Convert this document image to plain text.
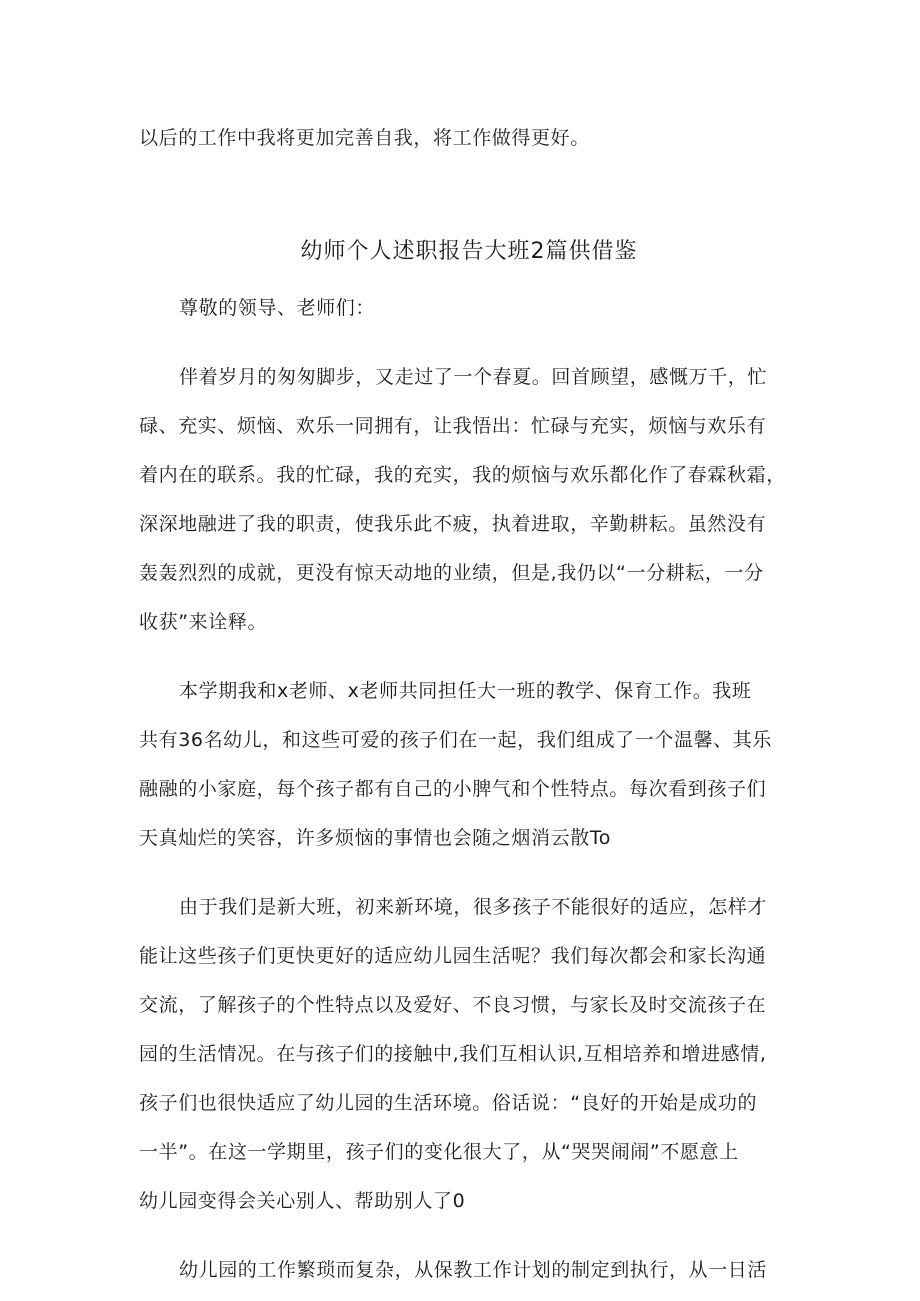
以后的工作中我将更加完善自我，将工作做得更好。

幼师个人述职报告大班2篇供借鉴

尊敬的领导、老师们：

伴着岁月的匆匆脚步，又走过了一个春夏。回首顾望，感慨万千，忙
碌、充实、烦恼、欢乐一同拥有，让我悟出：忙碌与充实，烦恼与欢乐有
着内在的联系。我的忙碌，我的充实，我的烦恼与欢乐都化作了春霖秋霜，
深深地融进了我的职责，使我乐此不疲，执着进取，辛勤耕耘。虽然没有
轰轰烈烈的成就，更没有惊天动地的业绩，但是,我仍以“一分耕耘，一分
收获”来诠释。

本学期我和x老师、x老师共同担任大一班的教学、保育工作。我班
共有36名幼儿，和这些可爱的孩子们在一起，我们组成了一个温馨、其乐
融融的小家庭，每个孩子都有自己的小脾气和个性特点。每次看到孩子们
天真灿烂的笑容，许多烦恼的事情也会随之烟消云散To

由于我们是新大班，初来新环境，很多孩子不能很好的适应，怎样才
能让这些孩子们更快更好的适应幼儿园生活呢？我们每次都会和家长沟通
交流，了解孩子的个性特点以及爱好、不良习惯，与家长及时交流孩子在
园的生活情况。在与孩子们的接触中,我们互相认识,互相培养和增进感情,
孩子们也很快适应了幼儿园的生活环境。俗话说：“良好的开始是成功的
一半”。在这一学期里，孩子们的变化很大了，从“哭哭闹闹”不愿意上
幼儿园变得会关心别人、帮助别人了0

幼儿园的工作繁琐而复杂，从保教工作计划的制定到执行，从一日活
